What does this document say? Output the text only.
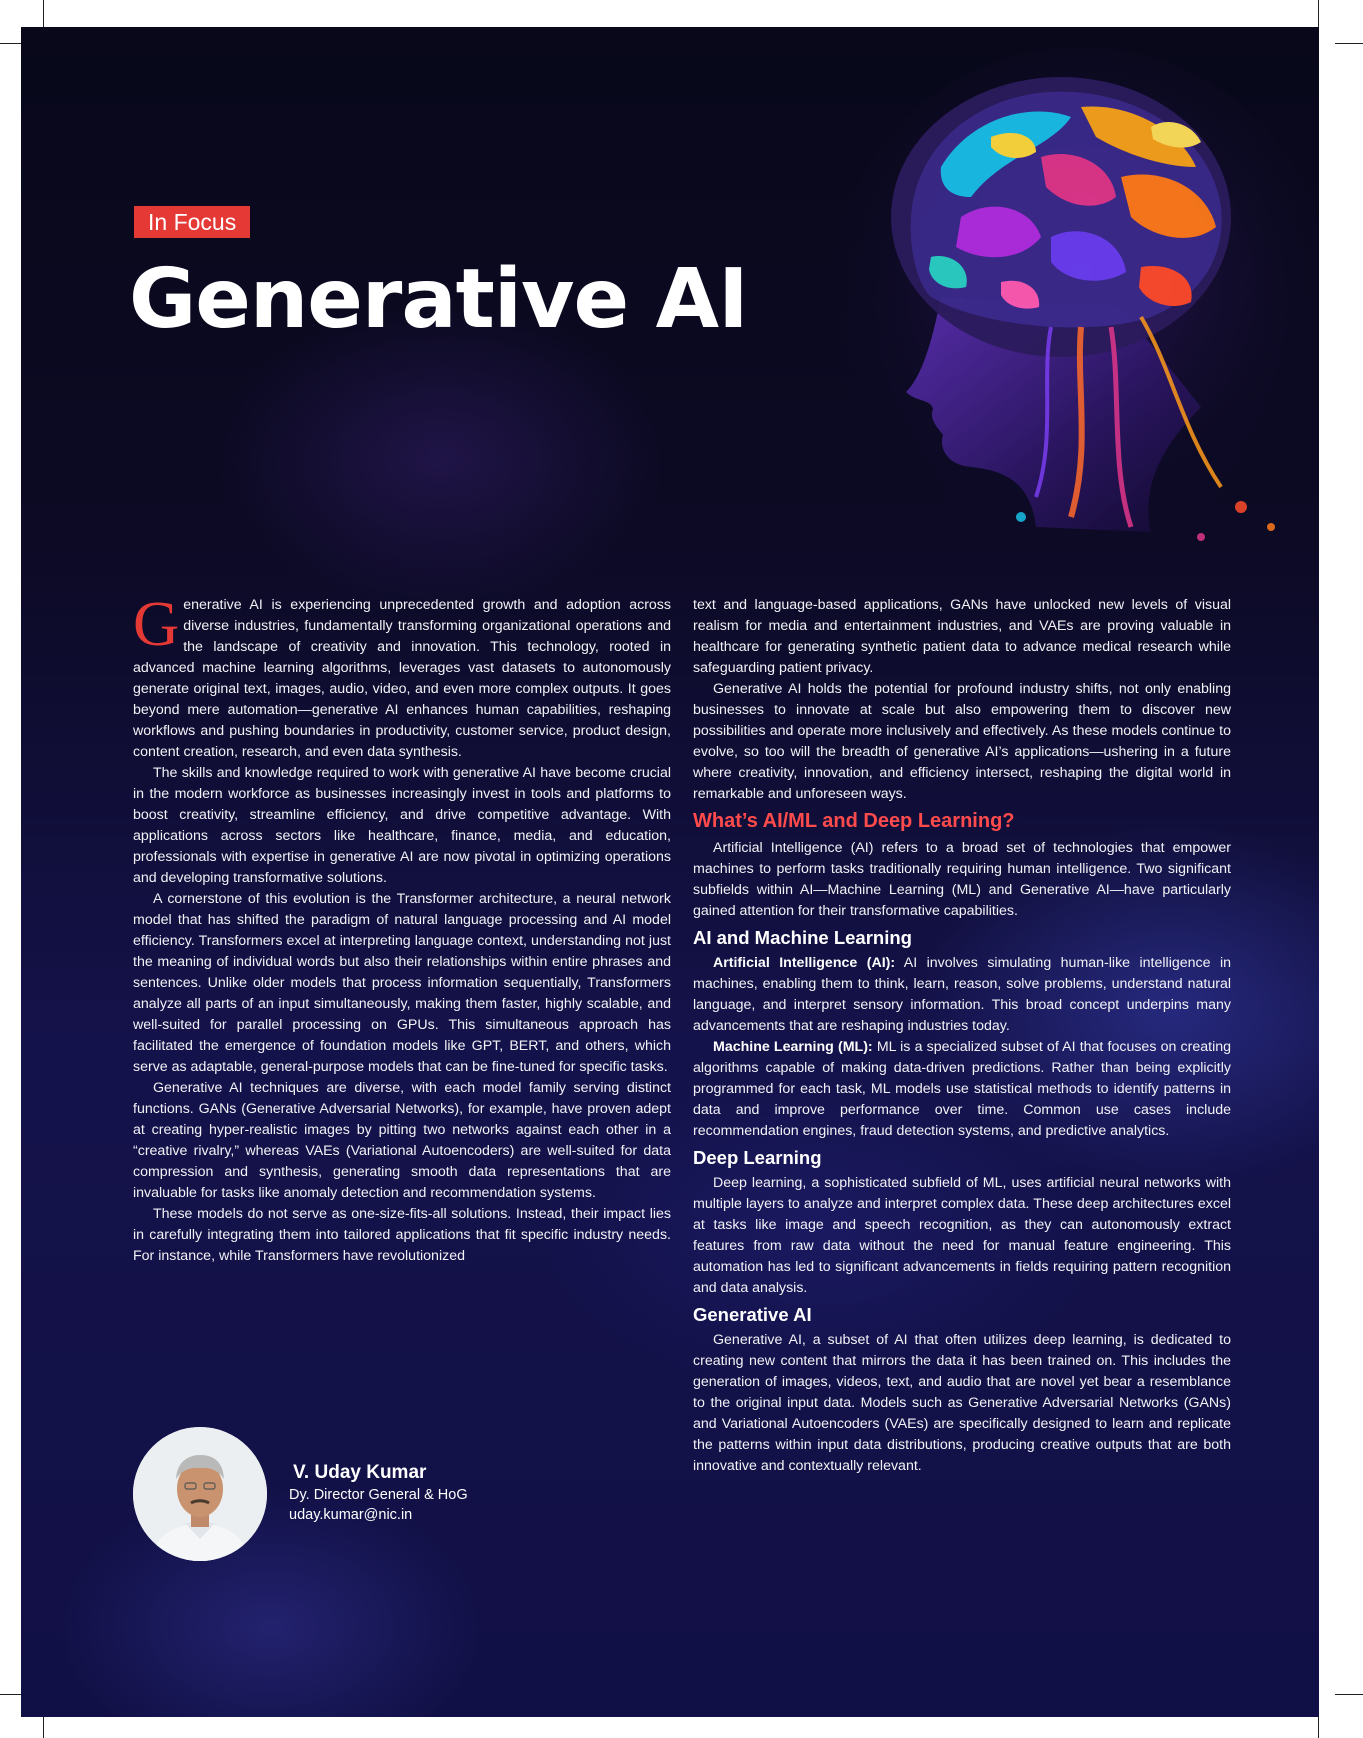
In Focus
Generative AI

Generative AI is experiencing unprecedented growth and adoption across diverse industries, fundamentally transforming organizational operations and the landscape of creativity and innovation. This technology, rooted in advanced machine learning algorithms, leverages vast datasets to autonomously generate original text, images, audio, video, and even more complex outputs. It goes beyond mere automation—generative AI enhances human capabilities, reshaping workflows and pushing boundaries in productivity, customer service, product design, content creation, research, and even data synthesis.

The skills and knowledge required to work with generative AI have become crucial in the modern workforce as businesses increasingly invest in tools and platforms to boost creativity, streamline efficiency, and drive competitive advantage. With applications across sectors like healthcare, finance, media, and education, professionals with expertise in generative AI are now pivotal in optimizing operations and developing transformative solutions.

A cornerstone of this evolution is the Transformer architecture, a neural network model that has shifted the paradigm of natural language processing and AI model efficiency. Transformers excel at interpreting language context, understanding not just the meaning of individual words but also their relationships within entire phrases and sentences. Unlike older models that process information sequentially, Transformers analyze all parts of an input simultaneously, making them faster, highly scalable, and well-suited for parallel processing on GPUs. This simultaneous approach has facilitated the emergence of foundation models like GPT, BERT, and others, which serve as adaptable, general-purpose models that can be fine-tuned for specific tasks.

Generative AI techniques are diverse, with each model family serving distinct functions. GANs (Generative Adversarial Networks), for example, have proven adept at creating hyper-realistic images by pitting two networks against each other in a “creative rivalry,” whereas VAEs (Variational Autoencoders) are well-suited for data compression and synthesis, generating smooth data representations that are invaluable for tasks like anomaly detection and recommendation systems.

These models do not serve as one-size-fits-all solutions. Instead, their impact lies in carefully integrating them into tailored applications that fit specific industry needs. For instance, while Transformers have revolutionized

text and language-based applications, GANs have unlocked new levels of visual realism for media and entertainment industries, and VAEs are proving valuable in healthcare for generating synthetic patient data to advance medical research while safeguarding patient privacy.

Generative AI holds the potential for profound industry shifts, not only enabling businesses to innovate at scale but also empowering them to discover new possibilities and operate more inclusively and effectively. As these models continue to evolve, so too will the breadth of generative AI’s applications—ushering in a future where creativity, innovation, and efficiency intersect, reshaping the digital world in remarkable and unforeseen ways.

What’s AI/ML and Deep Learning?

Artificial Intelligence (AI) refers to a broad set of technologies that empower machines to perform tasks traditionally requiring human intelligence. Two significant subfields within AI—Machine Learning (ML) and Generative AI—have particularly gained attention for their transformative capabilities.

AI and Machine Learning

Artificial Intelligence (AI): AI involves simulating human-like intelligence in machines, enabling them to think, learn, reason, solve problems, understand natural language, and interpret sensory information. This broad concept underpins many advancements that are reshaping industries today.

Machine Learning (ML): ML is a specialized subset of AI that focuses on creating algorithms capable of making data-driven predictions. Rather than being explicitly programmed for each task, ML models use statistical methods to identify patterns in data and improve performance over time. Common use cases include recommendation engines, fraud detection systems, and predictive analytics.

Deep Learning

Deep learning, a sophisticated subfield of ML, uses artificial neural networks with multiple layers to analyze and interpret complex data. These deep architectures excel at tasks like image and speech recognition, as they can autonomously extract features from raw data without the need for manual feature engineering. This automation has led to significant advancements in fields requiring pattern recognition and data analysis.

Generative AI

Generative AI, a subset of AI that often utilizes deep learning, is dedicated to creating new content that mirrors the data it has been trained on. This includes the generation of images, videos, text, and audio that are novel yet bear a resemblance to the original input data. Models such as Generative Adversarial Networks (GANs) and Variational Autoencoders (VAEs) are specifically designed to learn and replicate the patterns within input data distributions, producing creative outputs that are both innovative and contextually relevant.

V. Uday Kumar
Dy. Director General & HoG
uday.kumar@nic.in
